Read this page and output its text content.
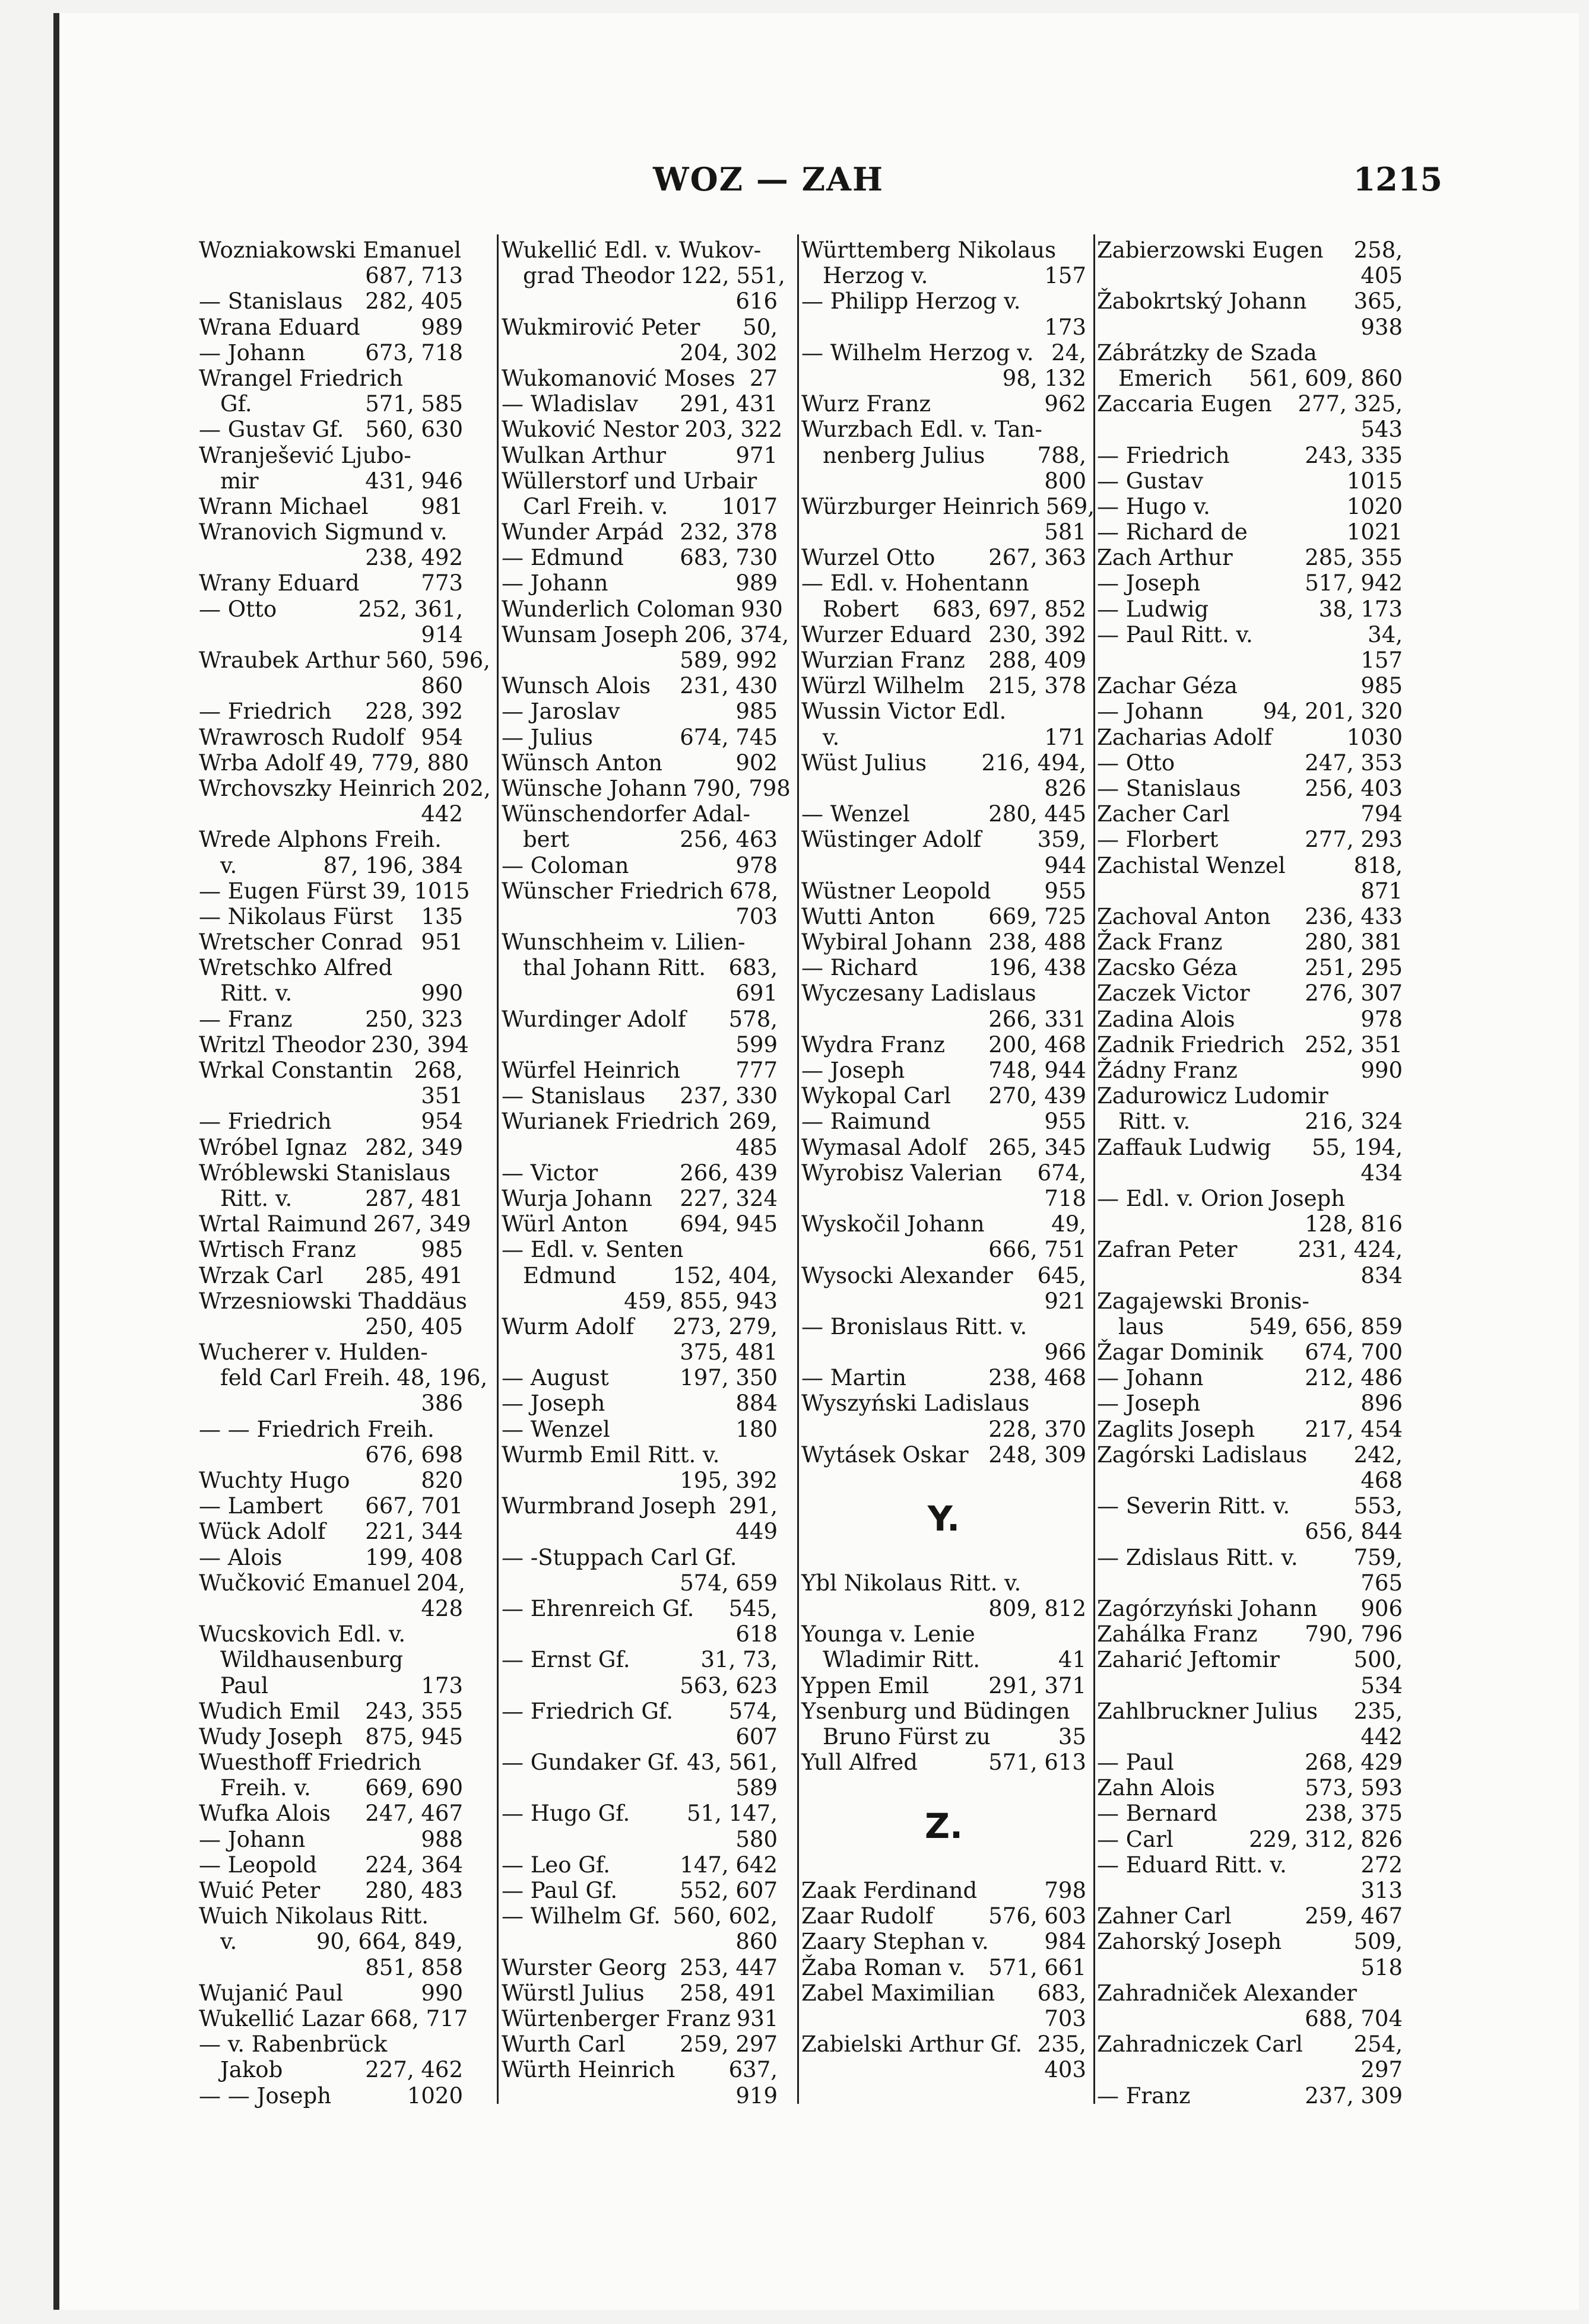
WOZ — ZAH	1215
Wozniakowski Emanuel
687, 713
— Stanislaus 282, 405
Wrana Eduard	989
— Johann	673, 718
Wrangel Friedrich
Gf.	571, 585
— Gustav Gf. 560, 630
Wranješević Ljubo-
mir	431, 946
Wrann Michael 981
Wranovich Sigmund v.
238, 492
Wrany Eduard	773
— Otto	252, 361,
914
Wraubek Arthur 560, 596,
860
— Friedrich 228, 392
Wrawrosch Rudolf 954
Wrba Adolf 49, 779, 880
Wrchovszky Heinrich 202,
442
Wrede Alphons Freih.
v.	87, 196, 384
— Eugen Fürst 39, 1015
— Nikolaus Fürst 135
Wretscher Conrad 951
Wretschko Alfred
Ritt. v.	990
— Franz	250, 323
Writzl Theodor 230, 394
Wrkal Constantin 268,
351
— Friedrich	954
Wróbel Ignaz 282, 349
Wróblewski Stanislaus
Ritt. v.	287, 481
Wrtal Raimund 267, 349
Wrtisch Franz	985
Wrzak Carl 285, 491
Wrzesniowski Thaddäus
250, 405
Wucherer v. Hulden-
feld Carl Freih. 48, 196,
386
— — Friedrich Freih.
676, 698
Wuchty Hugo	820
— Lambert 667, 701
Wück Adolf 221, 344
— Alois	199, 408
Wučković Emanuel 204,
428
Wucskovich Edl. v.
Wildhausenburg
Paul	173
Wudich Emil 243, 355
Wudy Joseph 875, 945
Wuesthoff Friedrich
Freih. v. 669, 690
Wufka Alois 247, 467
— Johann	988
— Leopold 224, 364
Wuić Peter 280, 483
Wuich Nikolaus Ritt.
v.	90, 664, 849,
851, 858
Wujanić Paul	990
Wukellić Lazar 668, 717
— v. Rabenbrück
Jakob	227, 462
— — Joseph	1020
Wukellić Edl. v. Wukov-
grad Theodor 122, 551,
616
Wukmirović Peter 50,
204, 302
Wukomanović Moses 27
— Wladislav 291, 431
Wuković Nestor 203, 322
Wulkan Arthur	971
Wüllerstorf und Urbair
Carl Freih. v. 1017
Wunder Arpád 232, 378
— Edmund	683, 730
— Johann	989
Wunderlich Coloman 930
Wunsam Joseph 206, 374,
589, 992
Wunsch Alois 231, 430
— Jaroslav	985
— Julius	674, 745
Wünsch Anton	902
Wünsche Johann 790, 798
Wünschendorfer Adal-
bert	256, 463
— Coloman	978
Wünscher Friedrich 678,
703
Wunschheim v. Lilien-
thal Johann Ritt. 683,
691
Wurdinger Adolf 578,
599
Würfel Heinrich	777
— Stanislaus 237, 330
Wurianek Friedrich 269,
485
— Victor	266, 439
Wurja Johann 227, 324
Würl Anton 694, 945
— Edl. v. Senten
Edmund	152, 404,
459, 855, 943
Wurm Adolf 273, 279,
375, 481
— August	197, 350
— Joseph	884
— Wenzel	180
Wurmb Emil Ritt. v.
195, 392
Wurmbrand Joseph 291,
449
— -Stuppach Carl Gf.
574, 659
— Ehrenreich Gf. 545,
618
— Ernst Gf.	31, 73,
563, 623
— Friedrich Gf.	574,
607
— Gundaker Gf. 43, 561,
589
— Hugo Gf.	51, 147,
580
— Leo Gf.	147, 642
— Paul Gf.	552, 607
— Wilhelm Gf. 560, 602,
860
Wurster Georg 253, 447
Würstl Julius 258, 491
Würtenberger Franz 931
Wurth Carl 259, 297
Würth Heinrich 637,
919
Württemberg Nikolaus
Herzog v.	157
— Philipp Herzog v.
173
— Wilhelm Herzog v. 24,
98, 132
Wurz Franz	962
Wurzbach Edl. v. Tan-
nenberg Julius 788,
800
Würzburger Heinrich 569,
581
Wurzel Otto 267, 363
— Edl. v. Hohentann
Robert 683, 697, 852
Wurzer Eduard 230, 392
Wurzian Franz 288, 409
Würzl Wilhelm 215, 378
Wussin Victor Edl.
v.	171
Wüst Julius 216, 494,
826
— Wenzel	280, 445
Wüstinger Adolf	359,
944
Wüstner Leopold 955
Wutti Anton 669, 725
Wybiral Johann 238, 488
— Richard	196, 438
Wyczesany Ladislaus
266, 331
Wydra Franz 200, 468
— Joseph	748, 944
Wykopal Carl 270, 439
— Raimund	955
Wymasal Adolf 265, 345
Wyrobisz Valerian 674,
718
Wyskočil Johann	49,
666, 751
Wysocki Alexander 645,
921
— Bronislaus Ritt. v.
966
— Martin	238, 468
Wyszyński Ladislaus
228, 370
Wytásek Oskar 248, 309
Y.
Ybl Nikolaus Ritt. v.
809, 812
Younga v. Lenie
Wladimir Ritt.	41
Yppen Emil	291, 371
Ysenburg und Büdingen
Bruno Fürst zu	35
Yull Alfred	571, 613
Z.
Zaak Ferdinand	798
Zaar Rudolf	576, 603
Zaary Stephan v.	984
Žaba Roman v. 571, 661
Zabel Maximilian 683,
703
Zabielski Arthur Gf. 235,
403
Zabierzowski Eugen 258,
405
Žabokrtský Johann 365,
938
Zábrátzky de Szada
Emerich 561, 609, 860
Zaccaria Eugen 277, 325,
543
— Friedrich	243, 335
— Gustav	1015
— Hugo v.	1020
— Richard de	1021
Zach Arthur	285, 355
— Joseph	517, 942
— Ludwig	38, 173
— Paul Ritt. v.	34,
157
Zachar Géza	985
— Johann	94, 201, 320
Zacharias Adolf	1030
— Otto	247, 353
— Stanislaus	256, 403
Zacher Carl	794
— Florbert	277, 293
Zachistal Wenzel	818,
871
Zachoval Anton 236, 433
Žack Franz	280, 381
Zacsko Géza	251, 295
Zaczek Victor	276, 307
Zadina Alois	978
Zadnik Friedrich 252, 351
Žádny Franz	990
Zadurowicz Ludomir
Ritt. v.	216, 324
Zaffauk Ludwig 55, 194,
434
— Edl. v. Orion Joseph
128, 816
Zafran Peter	231, 424,
834
Zagajewski Bronis-
laus	549, 656, 859
Žagar Dominik 674, 700
— Johann	212, 486
— Joseph	896
Zaglits Joseph 217, 454
Zagórski Ladislaus 242,
468
— Severin Ritt. v.	553,
656, 844
— Zdislaus Ritt. v.	759,
765
Zagórzyński Johann 906
Zahálka Franz 790, 796
Zaharić Jeftomir	500,
534
Zahlbruckner Julius 235,
442
— Paul	268, 429
Zahn Alois	573, 593
— Bernard	238, 375
— Carl	229, 312, 826
— Eduard Ritt. v.	272
313
Zahner Carl	259, 467
Zahorský Joseph	509,
518
Zahradniček Alexander
688, 704
Zahradniczek Carl 254,
297
— Franz	237, 309
